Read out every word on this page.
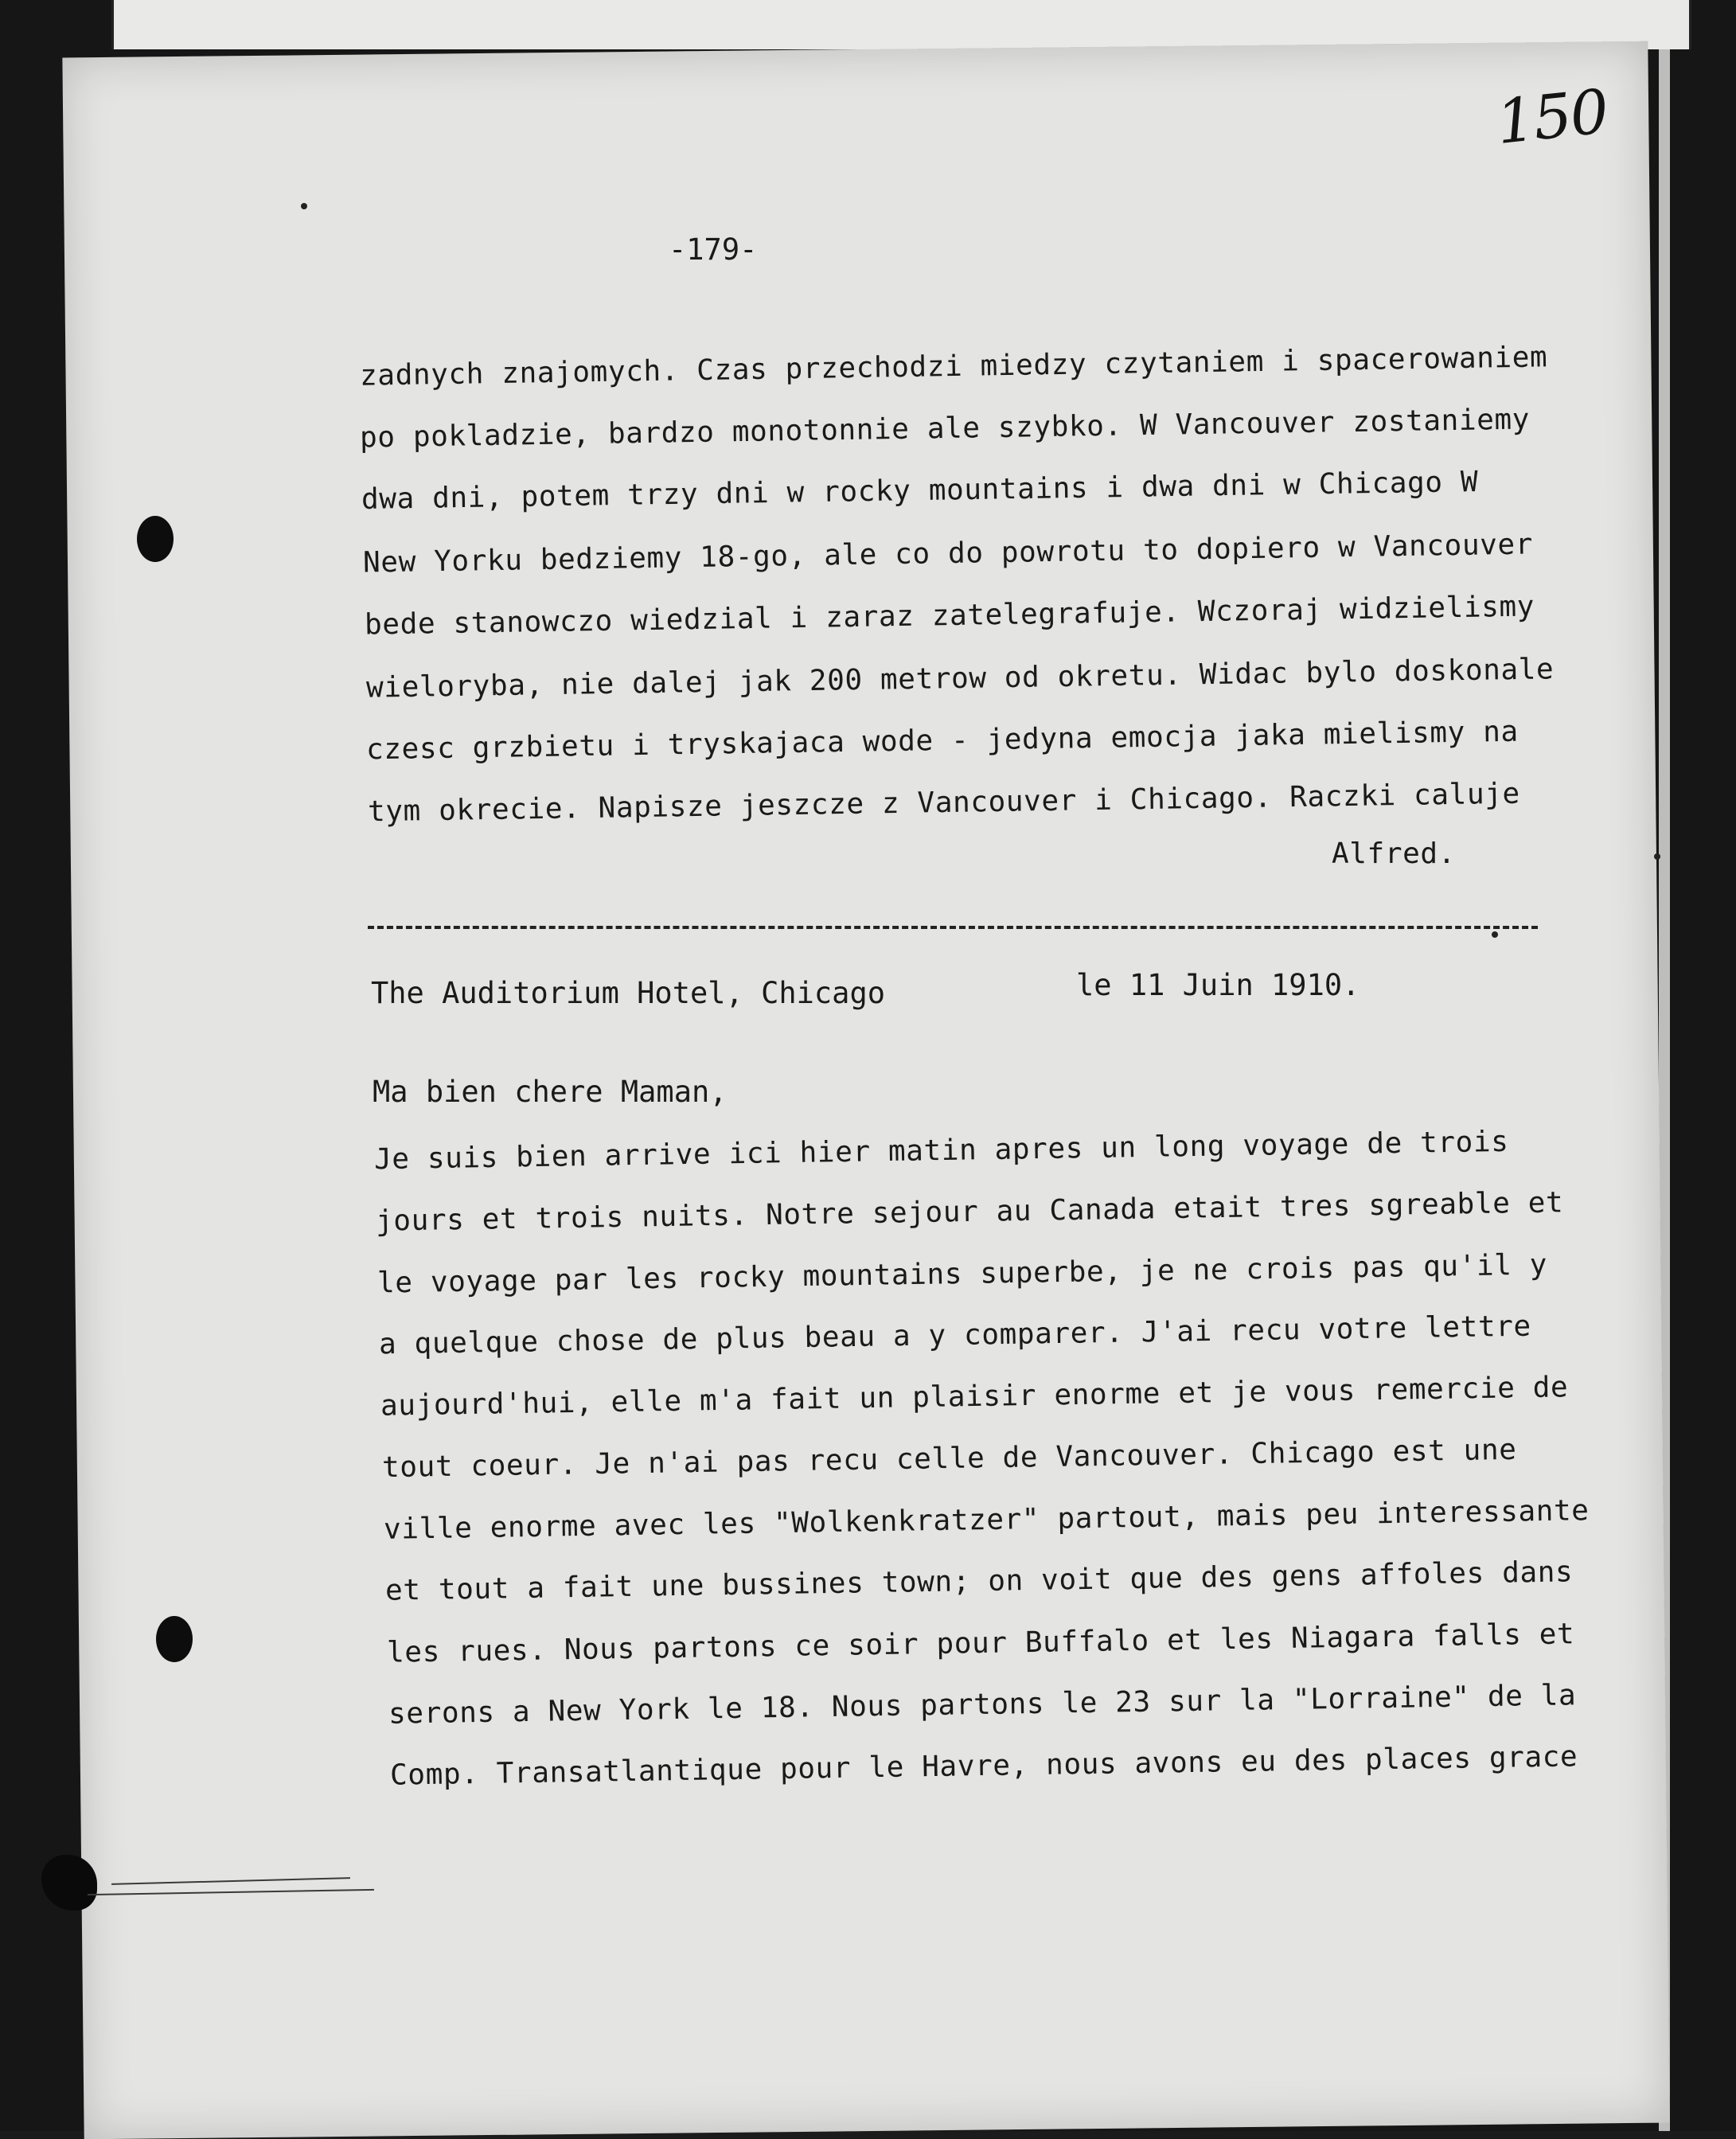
150
-179-
zadnych znajomych. Czas przechodzi miedzy czytaniem i spacerowaniem
po pokladzie, bardzo monotonnie ale szybko. W Vancouver zostaniemy
dwa dni, potem trzy dni w rocky mountains i dwa dni w Chicago W
New Yorku bedziemy 18-go, ale co do powrotu to dopiero w Vancouver
bede stanowczo wiedzial i zaraz zatelegrafuje. Wczoraj widzielismy
wieloryba, nie dalej jak 200 metrow od okretu. Widac bylo doskonale
czesc grzbietu i tryskajaca wode - jedyna emocja jaka mielismy na
tym okrecie. Napisze jeszcze z Vancouver i Chicago. Raczki caluje
Alfred.
The Auditorium Hotel, Chicago	le 11 Juin 1910.
Ma bien chere Maman,
Je suis bien arrive ici hier matin apres un long voyage de trois
jours et trois nuits. Notre sejour au Canada etait tres sgreable et
le voyage par les rocky mountains superbe, je ne crois pas qu'il y
a quelque chose de plus beau a y comparer. J'ai recu votre lettre
aujourd'hui, elle m'a fait un plaisir enorme et je vous remercie de
tout coeur. Je n'ai pas recu celle de Vancouver. Chicago est une
ville enorme avec les "Wolkenkratzer" partout, mais peu interessante
et tout a fait une bussines town; on voit que des gens affoles dans
les rues. Nous partons ce soir pour Buffalo et les Niagara falls et
serons a New York le 18. Nous partons le 23 sur la "Lorraine" de la
Comp. Transatlantique pour le Havre, nous avons eu des places grace
